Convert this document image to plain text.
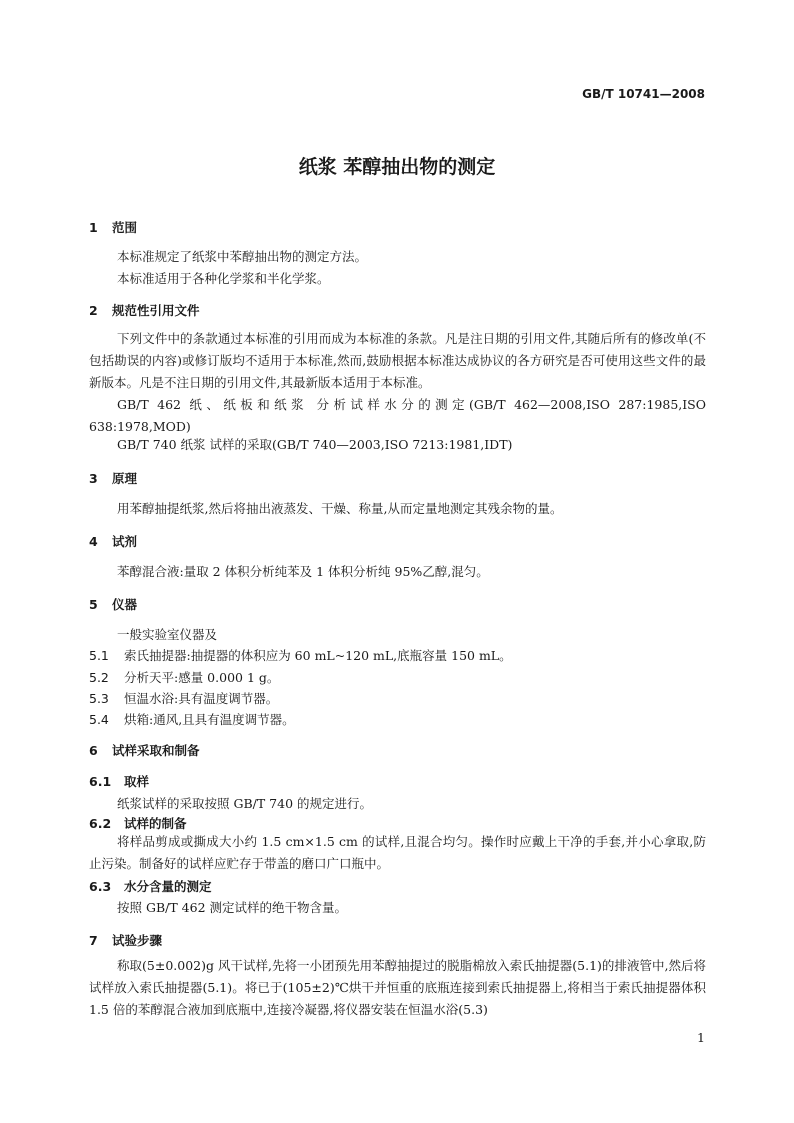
GB/T 10741—2008
纸浆 苯醇抽出物的测定
1 范围
本标准规定了纸浆中苯醇抽出物的测定方法。
本标准适用于各种化学浆和半化学浆。
2 规范性引用文件
下列文件中的条款通过本标准的引用而成为本标准的条款。凡是注日期的引用文件,其随后所有的修改单(不包括勘误的内容)或修订版均不适用于本标准,然而,鼓励根据本标准达成协议的各方研究是否可使用这些文件的最新版本。凡是不注日期的引用文件,其最新版本适用于本标准。
GB/T 462 纸、纸板和纸浆 分析试样水分的测定(GB/T 462—2008,ISO 287:1985,ISO 638:1978,MOD)
GB/T 740 纸浆 试样的采取(GB/T 740—2003,ISO 7213:1981,IDT)
3 原理
用苯醇抽提纸浆,然后将抽出液蒸发、干燥、称量,从而定量地测定其残余物的量。
4 试剂
苯醇混合液:量取 2 体积分析纯苯及 1 体积分析纯 95%乙醇,混匀。
5 仪器
一般实验室仪器及
5.1 索氏抽提器:抽提器的体积应为 60 mL~120 mL,底瓶容量 150 mL。
5.2 分析天平:感量 0.000 1 g。
5.3 恒温水浴:具有温度调节器。
5.4 烘箱:通风,且具有温度调节器。
6 试样采取和制备
6.1 取样
纸浆试样的采取按照 GB/T 740 的规定进行。
6.2 试样的制备
将样品剪成或撕成大小约 1.5 cm×1.5 cm 的试样,且混合均匀。操作时应戴上干净的手套,并小心拿取,防止污染。制备好的试样应贮存于带盖的磨口广口瓶中。
6.3 水分含量的测定
按照 GB/T 462 测定试样的绝干物含量。
7 试验步骤
称取(5±0.002)g 风干试样,先将一小团预先用苯醇抽提过的脱脂棉放入索氏抽提器(5.1)的排液管中,然后将试样放入索氏抽提器(5.1)。将已于(105±2)℃烘干并恒重的底瓶连接到索氏抽提器上,将相当于索氏抽提器体积 1.5 倍的苯醇混合液加到底瓶中,连接冷凝器,将仪器安装在恒温水浴(5.3)
1
